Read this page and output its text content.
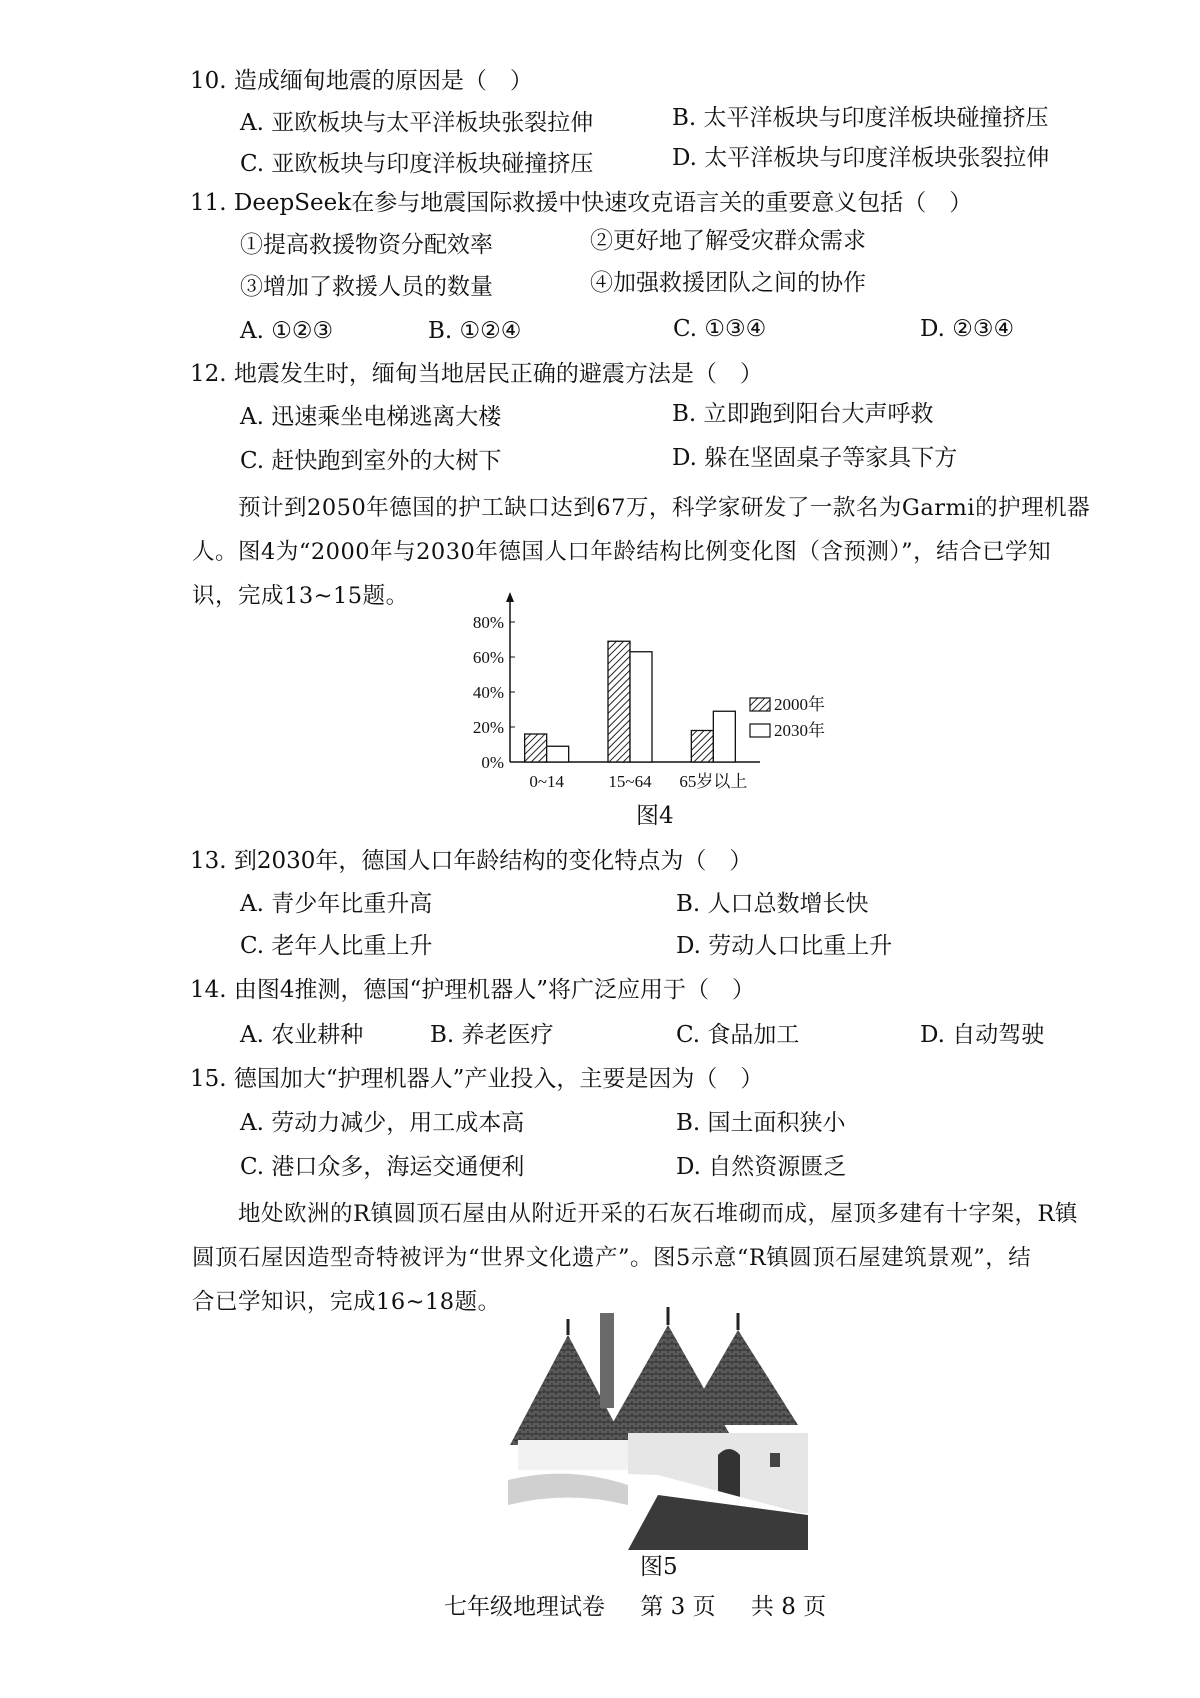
10. 造成缅甸地震的原因是（　）
A. 亚欧板块与太平洋板块张裂拉伸	B. 太平洋板块与印度洋板块碰撞挤压
C. 亚欧板块与印度洋板块碰撞挤压	D. 太平洋板块与印度洋板块张裂拉伸
11. DeepSeek在参与地震国际救援中快速攻克语言关的重要意义包括（　）
①提高救援物资分配效率	②更好地了解受灾群众需求
③增加了救援人员的数量	④加强救援团队之间的协作
A. ①②③	B. ①②④	C. ①③④	D. ②③④
12. 地震发生时，缅甸当地居民正确的避震方法是（　）
A. 迅速乘坐电梯逃离大楼	B. 立即跑到阳台大声呼救
C. 赶快跑到室外的大树下	D. 躲在坚固桌子等家具下方
预计到2050年德国的护工缺口达到67万，科学家研发了一款名为Garmi的护理机器
人。图4为“2000年与2030年德国人口年龄结构比例变化图（含预测）”，结合已学知
识，完成13~15题。
0%
20%
40%
60%
80%
0~14	15~64 65岁以上
2000年
2030年
图4
13. 到2030年，德国人口年龄结构的变化特点为（　）
A. 青少年比重升高	B. 人口总数增长快
C. 老年人比重上升	D. 劳动人口比重上升
14. 由图4推测，德国“护理机器人”将广泛应用于（　）
A. 农业耕种	B. 养老医疗	C. 食品加工	D. 自动驾驶
15. 德国加大“护理机器人”产业投入，主要是因为（　）
A. 劳动力减少，用工成本高	B. 国土面积狭小
C. 港口众多，海运交通便利	D. 自然资源匮乏
地处欧洲的R镇圆顶石屋由从附近开采的石灰石堆砌而成，屋顶多建有十字架，R镇
圆顶石屋因造型奇特被评为“世界文化遗产”。图5示意“R镇圆顶石屋建筑景观”，结
合已学知识，完成16~18题。
图5
七年级地理试卷 第 3 页 共 8 页
